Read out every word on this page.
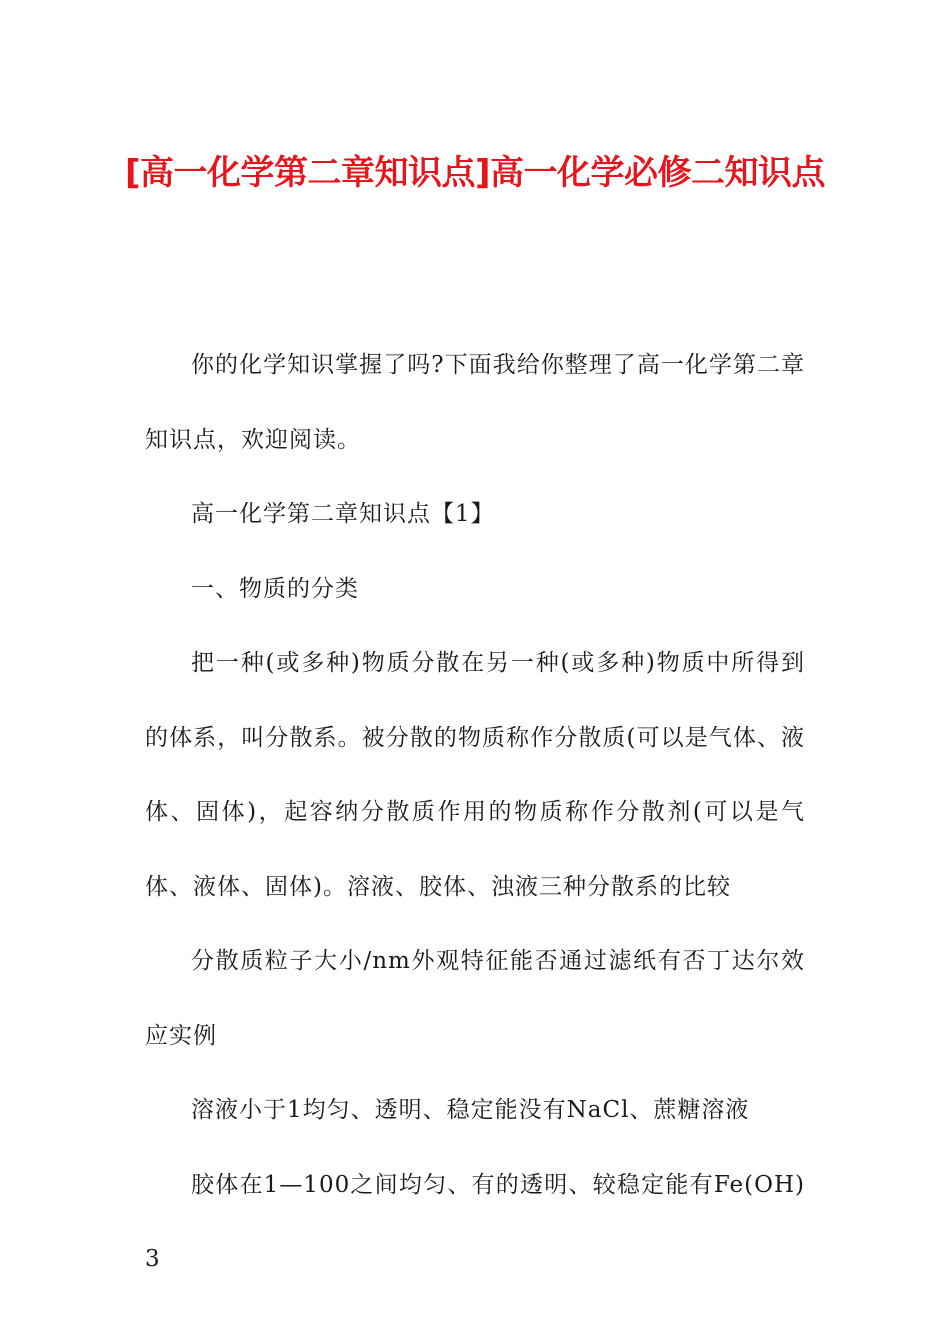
[高一化学第二章知识点]高一化学必修二知识点

你的化学知识掌握了吗?下面我给你整理了高一化学第二章知识点，欢迎阅读。

高一化学第二章知识点【1】

一、物质的分类

把一种(或多种)物质分散在另一种(或多种)物质中所得到的体系，叫分散系。被分散的物质称作分散质(可以是气体、液体、固体)，起容纳分散质作用的物质称作分散剂(可以是气体、液体、固体)。溶液、胶体、浊液三种分散系的比较

分散质粒子大小/nm外观特征能否通过滤纸有否丁达尔效应实例

溶液小于1均匀、透明、稳定能没有NaCl、蔗糖溶液

胶体在1—100之间均匀、有的透明、较稳定能有Fe(OH)3
